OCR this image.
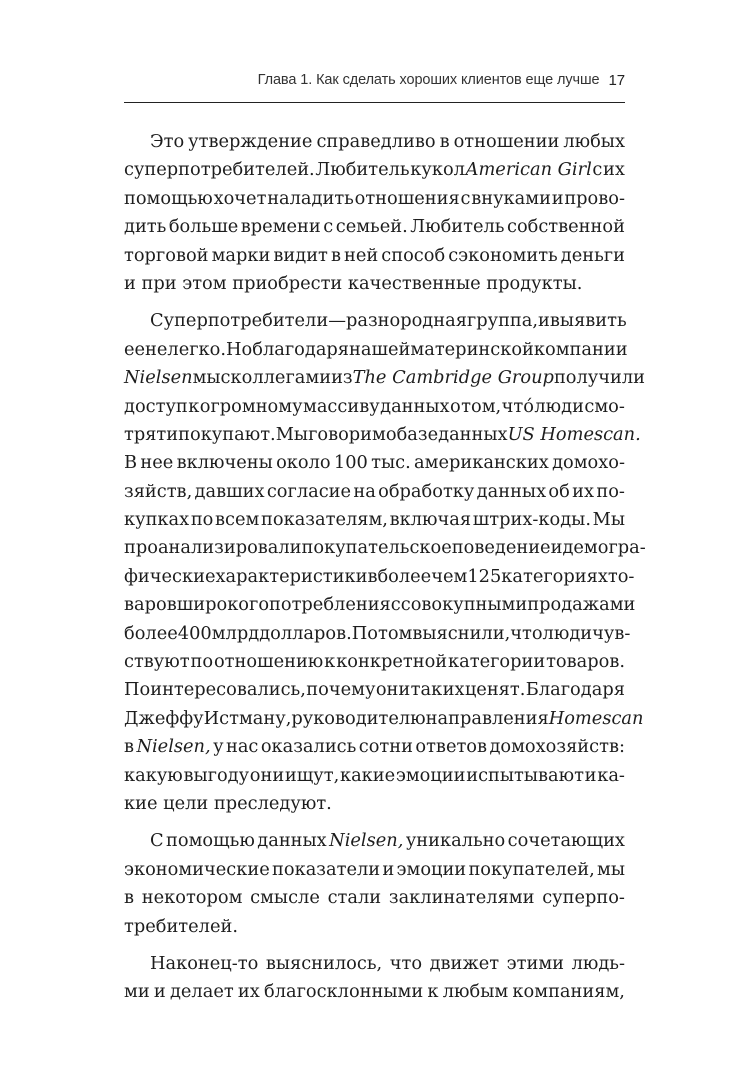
Глава 1. Как сделать хороших клиентов еще лучше 17
Это утверждение справедливо в отношении любых
суперпотребителей. Любитель кукол American Girl с их
помощью хочет наладить отношения с внуками и прово-
дить больше времени с семьей. Любитель собственной
торговой марки видит в ней способ сэкономить деньги
и при этом приобрести качественные продукты.
Суперпотребители — разнородная группа, и выявить
ее нелегко. Но благодаря нашей материнской компании
Nielsen мы с коллегами из The Cambridge Group получили
доступ к огромному массиву данных о том, что́ люди смо-
трят и покупают. Мы говорим о базе данных US Homescan.
В нее включены около 100 тыс. американских домохо-
зяйств, давших согласие на обработку данных об их по-
купках по всем показателям, включая штрих-коды. Мы
проанализировали покупательское поведение и демогра-
фические характеристики в более чем 125 категориях то-
варов широкого потребления с совокупными продажами
более 400 млрд долларов. Потом выяснили, что люди чув-
ствуют по отношению к конкретной категории товаров.
Поинтересовались, почему они так их ценят. Благодаря
Джеффу Истману, руководителю направления Homescan
в Nielsen, у нас оказались сотни ответов домохозяйств:
какую выгоду они ищут, какие эмоции испытывают и ка-
кие цели преследуют.
С помощью данных Nielsen, уникально сочетающих
экономические показатели и эмоции покупателей, мы
в некотором смысле стали заклинателями суперпо-
требителей.
Наконец-то выяснилось, что движет этими людь-
ми и делает их благосклонными к любым компаниям,
